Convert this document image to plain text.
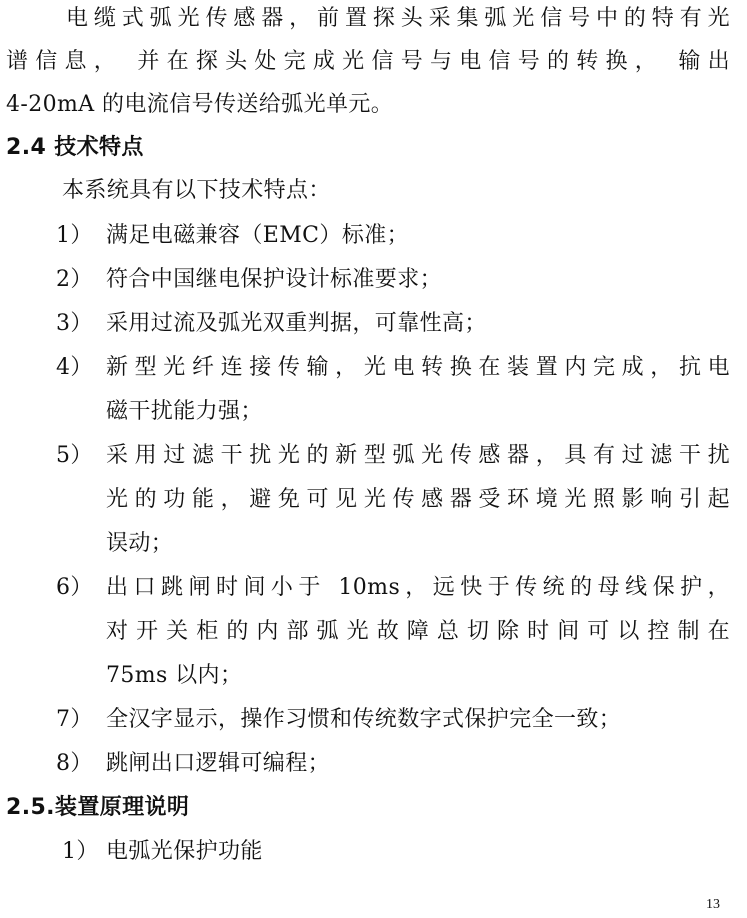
电缆式弧光传感器，前置探头采集弧光信号中的特有光
谱信息， 并在探头处完成光信号与电信号的转换， 输出
4-20mA 的电流信号传送给弧光单元。
2.4 技术特点
本系统具有以下技术特点：
1） 满足电磁兼容（EMC）标准；
2） 符合中国继电保护设计标准要求；
3） 采用过流及弧光双重判据，可靠性高；
4） 新型光纤连接传输，光电转换在装置内完成，抗电
磁干扰能力强；
5） 采用过滤干扰光的新型弧光传感器，具有过滤干扰
光的功能，避免可见光传感器受环境光照影响引起
误动；
6） 出口跳闸时间小于 10ms，远快于传统的母线保护，
对开关柜的内部弧光故障总切除时间可以控制在
75ms 以内；
7） 全汉字显示，操作习惯和传统数字式保护完全一致；
8） 跳闸出口逻辑可编程；
2.5.装置原理说明
1） 电弧光保护功能
13
